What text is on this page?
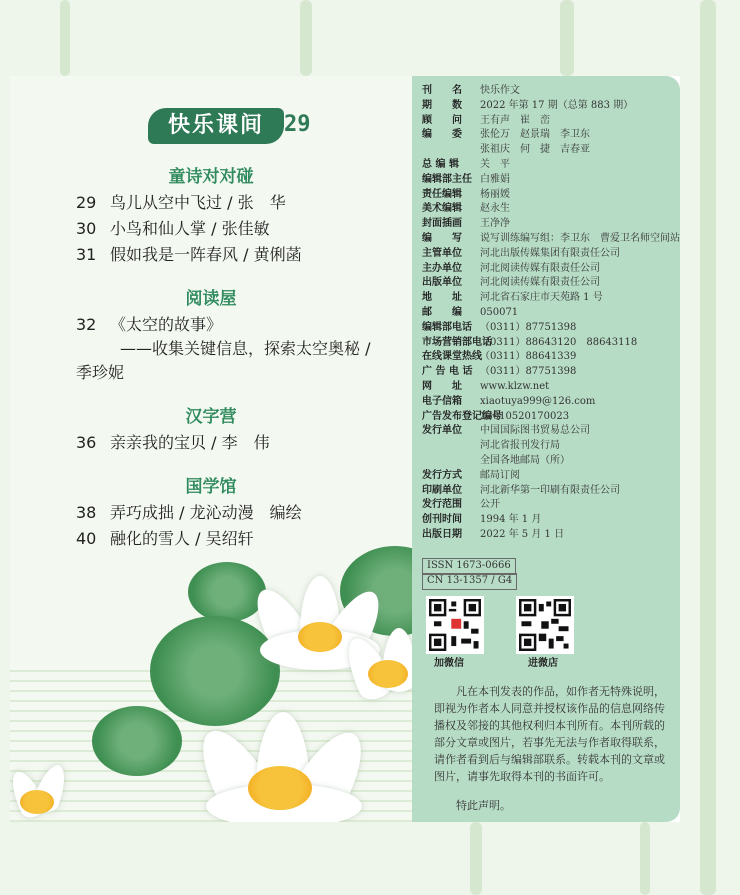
快乐课间 29
童诗对对碰
29 鸟儿从空中飞过 / 张　华
30 小鸟和仙人掌 / 张佳敏
31 假如我是一阵春风 / 黄俐菡
阅读屋
32 《太空的故事》
——收集关键信息，探索太空奥秘 /
季珍妮
汉字营
36 亲亲我的宝贝 / 李　伟
国学馆
38 弄巧成拙 / 龙沁动漫　编绘
40 融化的雪人 / 吴绍轩
刊　　名 快乐作文
期　　数 2022 年第 17 期（总第 883 期）
顾　　问 王有声　崔　峦
编　　委 张伦万　赵景瑞　李卫东
张祖庆　何　捷　吉春亚
总 编 辑 关　平
编辑部主任 白雅娟
责任编辑 杨丽媛
美术编辑 赵永生
封面插画 王净净
编　　写 说写训练编写组：李卫东　曹爱卫名师空间站
主管单位 河北出版传媒集团有限责任公司
主办单位 河北阅读传媒有限责任公司
出版单位 河北阅读传媒有限责任公司
地　　址 河北省石家庄市天苑路 1 号
邮　　编 050071
编辑部电话 （0311）87751398
市场营销部电话（0311）88643120　88643118
在线课堂热线（0311）88641339
广 告 电 话 （0311）87751398
网　　址 www.klzw.net
电子信箱 xiaotuya999@126.com
广告发布登记编号13010520170023
发行单位 中国国际图书贸易总公司
河北省报刊发行局
全国各地邮局（所）
发行方式 邮局订阅
印刷单位 河北新华第一印刷有限责任公司
发行范围 公开
创刊时间 1994 年 1 月
出版日期 2022 年 5 月 1 日
ISSN 1673-0666
CN 13-1357 / G4
加微信	进微店
凡在本刊发表的作品，如作者无特殊说明，即视为作者本人同意并授权该作品的信息网络传播权及邻接的其他权利归本刊所有。本刊所载的部分文章或图片，若事先无法与作者取得联系，请作者看到后与编辑部联系。转载本刊的文章或图片，请事先取得本刊的书面许可。
特此声明。
